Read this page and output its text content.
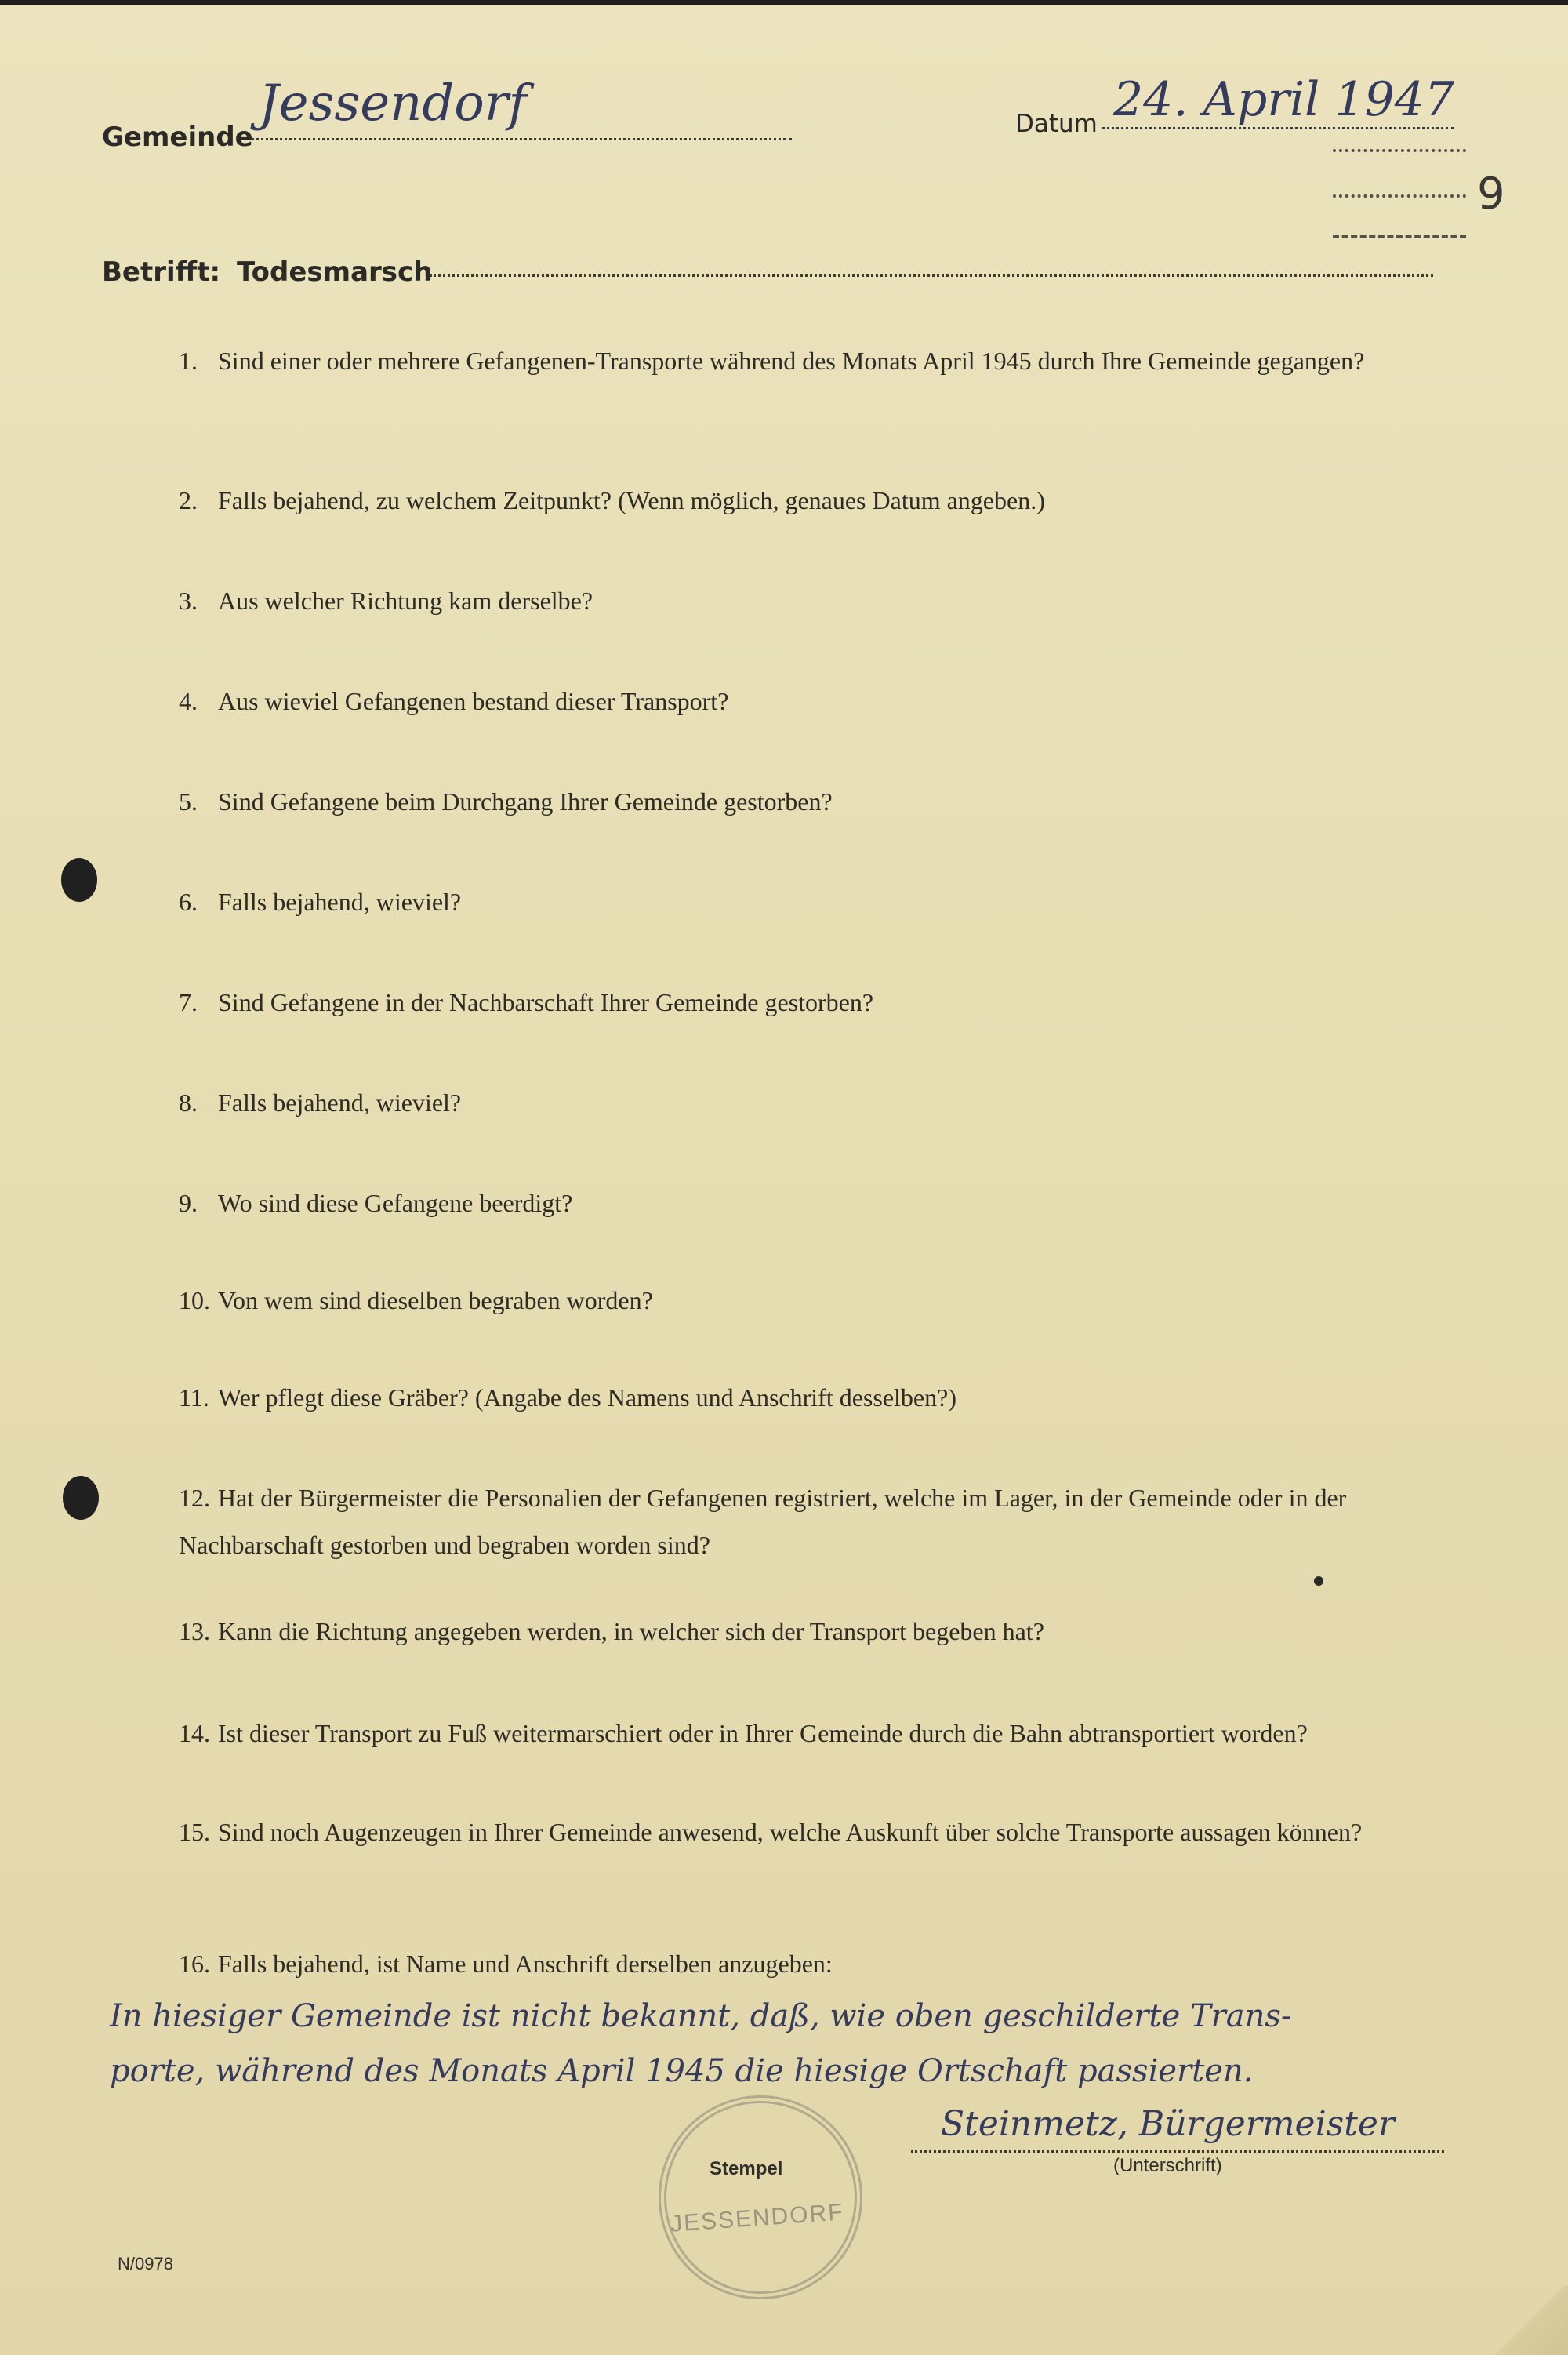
Gemeinde
Jessendorf	Datum 24. April 1947
9
Betrifft: Todesmarsch
1. Sind einer oder mehrere Gefangenen-Transporte während des Monats April 1945 durch Ihre Gemeinde gegangen?
2. Falls bejahend, zu welchem Zeitpunkt? (Wenn möglich, genaues Datum angeben.)
3. Aus welcher Richtung kam derselbe?
4. Aus wieviel Gefangenen bestand dieser Transport?
5. Sind Gefangene beim Durchgang Ihrer Gemeinde gestorben?
6. Falls bejahend, wieviel?
7. Sind Gefangene in der Nachbarschaft Ihrer Gemeinde gestorben?
8. Falls bejahend, wieviel?
9. Wo sind diese Gefangene beerdigt?
10. Von wem sind dieselben begraben worden?
11. Wer pflegt diese Gräber? (Angabe des Namens und Anschrift desselben?)
12. Hat der Bürgermeister die Personalien der Gefangenen registriert, welche im Lager, in der Gemeinde oder in der Nachbarschaft gestorben und begraben worden sind?
13. Kann die Richtung angegeben werden, in welcher sich der Transport begeben hat?
14. Ist dieser Transport zu Fuß weitermarschiert oder in Ihrer Gemeinde durch die Bahn abtransportiert worden?
15. Sind noch Augenzeugen in Ihrer Gemeinde anwesend, welche Auskunft über solche Transporte aussagen können?
16. Falls bejahend, ist Name und Anschrift derselben anzugeben:
In hiesiger Gemeinde ist nicht bekannt, daß, wie oben geschilderte Trans-
porte, während des Monats April 1945 die hiesige Ortschaft passierten.
Steinmetz, Bürgermeister
(Unterschrift)
Stempel
JESSENDORF
N/0978
